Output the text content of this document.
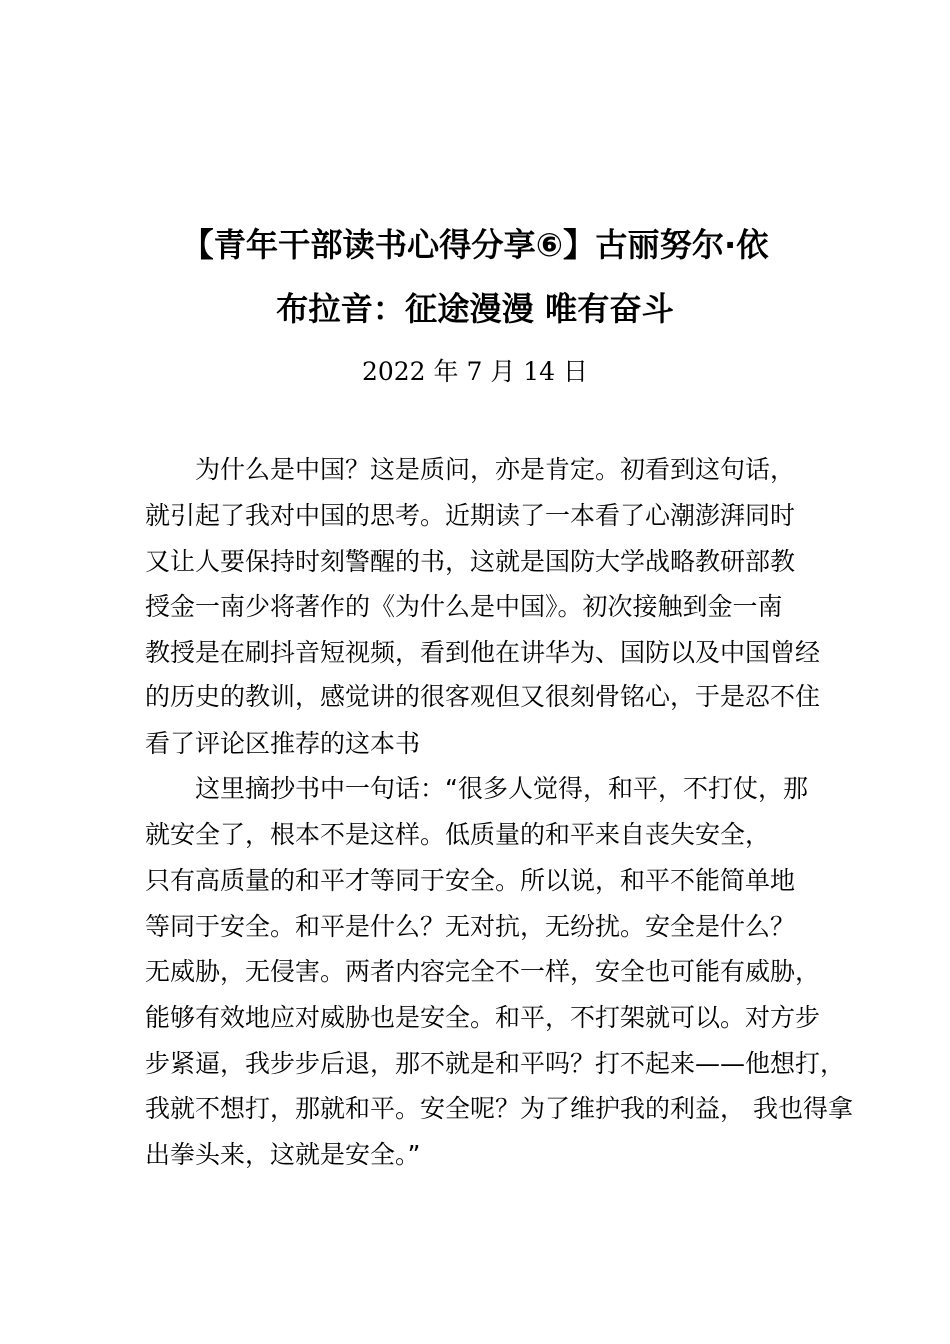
【青年干部读书心得分享⑥】古丽努尔·依
布拉音：征途漫漫 唯有奋斗
2022 年 7 月 14 日
为什么是中国？这是质问，亦是肯定。初看到这句话，
就引起了我对中国的思考。近期读了一本看了心潮澎湃同时
又让人要保持时刻警醒的书，这就是国防大学战略教研部教
授金一南少将著作的《为什么是中国》。初次接触到金一南
教授是在刷抖音短视频，看到他在讲华为、国防以及中国曾经
的历史的教训，感觉讲的很客观但又很刻骨铭心，于是忍不住
看了评论区推荐的这本书
这里摘抄书中一句话：“很多人觉得，和平，不打仗，那
就安全了，根本不是这样。低质量的和平来自丧失安全，
只有高质量的和平才等同于安全。所以说，和平不能简单地
等同于安全。和平是什么？无对抗，无纷扰。安全是什么？
无威胁，无侵害。两者内容完全不一样，安全也可能有威胁，
能够有效地应对威胁也是安全。和平，不打架就可以。对方步
步紧逼，我步步后退，那不就是和平吗？打不起来——他想打，
我就不想打，那就和平。安全呢？为了维护我的利益， 我也得拿
出拳头来，这就是安全。”
